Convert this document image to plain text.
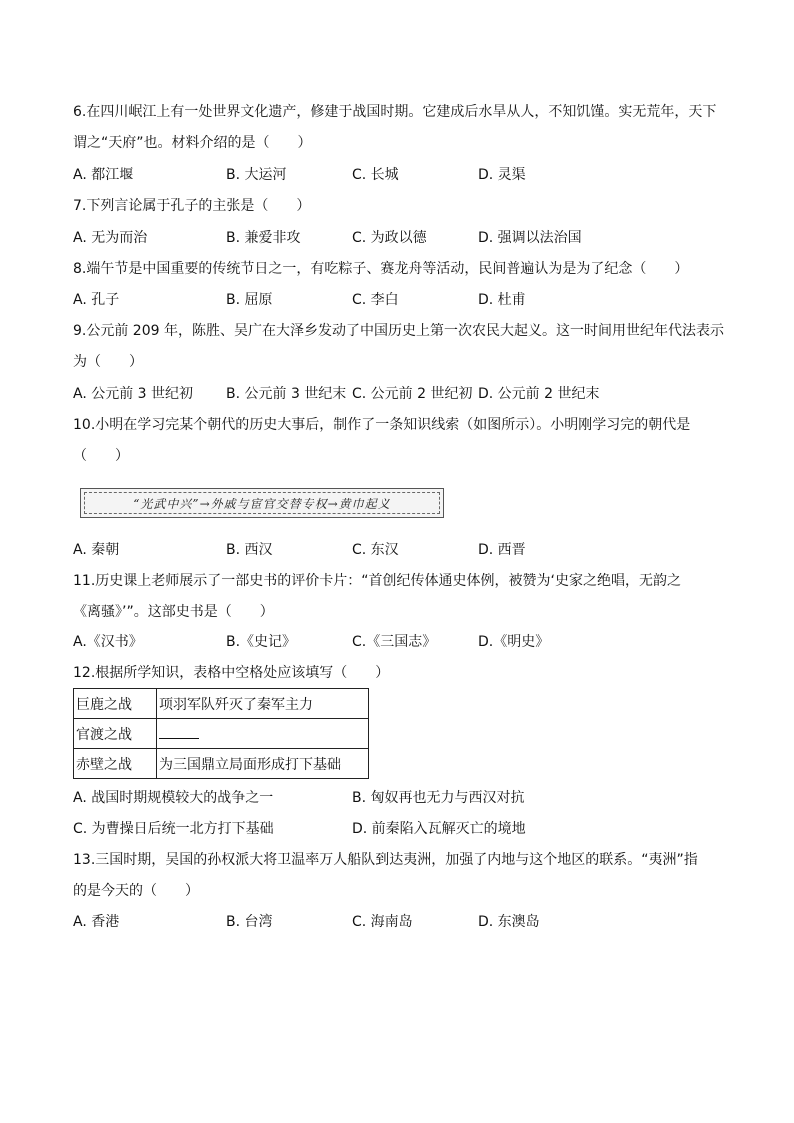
6.在四川岷江上有一处世界文化遗产，修建于战国时期。它建成后水旱从人，不知饥馑。实无荒年，天下
谓之“天府”也。材料介绍的是（　　）
A. 都江堰	B. 大运河	C. 长城	D. 灵渠
7.下列言论属于孔子的主张是（　　）
A. 无为而治	B. 兼爱非攻	C. 为政以德	D. 强调以法治国
8.端午节是中国重要的传统节日之一，有吃粽子、赛龙舟等活动，民间普遍认为是为了纪念（　　）
A. 孔子	B. 屈原	C. 李白	D. 杜甫
9.公元前 209 年，陈胜、吴广在大泽乡发动了中国历史上第一次农民大起义。这一时间用世纪年代法表示
为（　　）
A. 公元前 3 世纪初 B. 公元前 3 世纪末 C. 公元前 2 世纪初 D. 公元前 2 世纪末
10.小明在学习完某个朝代的历史大事后，制作了一条知识线索（如图所示）。小明刚学习完的朝代是
（　　）
“光武中兴”→外戚与宦官交替专权→黄巾起义
A. 秦朝	B. 西汉	C. 东汉	D. 西晋
11.历史课上老师展示了一部史书的评价卡片：“首创纪传体通史体例，被赞为‘史家之绝唱，无韵之
《离骚》’”。这部史书是（　　）
A.《汉书》	B.《史记》	C.《三国志》	D.《明史》
12.根据所学知识，表格中空格处应该填写（　　）
巨鹿之战	项羽军队歼灭了秦军主力
官渡之战	
赤壁之战	为三国鼎立局面形成打下基础
A. 战国时期规模较大的战争之一	B. 匈奴再也无力与西汉对抗
C. 为曹操日后统一北方打下基础	D. 前秦陷入瓦解灭亡的境地
13.三国时期，吴国的孙权派大将卫温率万人船队到达夷洲，加强了内地与这个地区的联系。“夷洲”指
的是今天的（　　）
A. 香港	B. 台湾	C. 海南岛	D. 东澳岛
